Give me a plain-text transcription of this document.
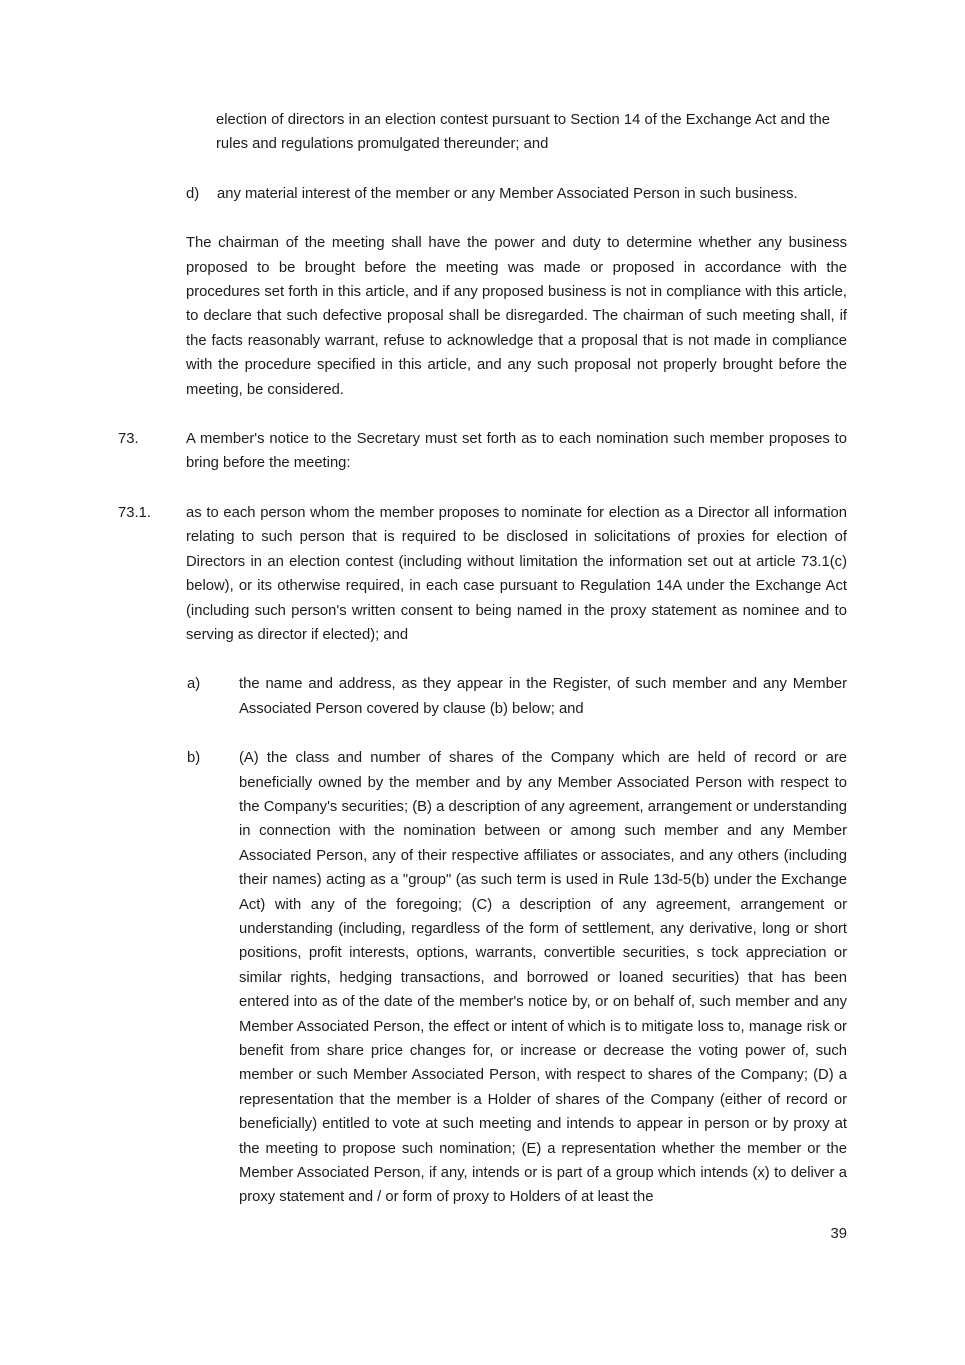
election of directors in an election contest pursuant to Section 14 of the Exchange Act and the rules and regulations promulgated thereunder; and
d)	any material interest of the member or any Member Associated Person in such business.
The chairman of the meeting shall have the power and duty to determine whether any business proposed to be brought before the meeting was made or proposed in accordance with the procedures set forth in this article, and if any proposed business is not in compliance with this article, to declare that such defective proposal shall be disregarded. The chairman of such meeting shall, if the facts reasonably warrant, refuse to acknowledge that a proposal that is not made in compliance with the procedure specified in this article, and any such proposal not properly brought before the meeting, be considered.
73.	A member's notice to the Secretary must set forth as to each nomination such member proposes to bring before the meeting:
73.1.	as to each person whom the member proposes to nominate for election as a Director all information relating to such person that is required to be disclosed in solicitations of proxies for election of Directors in an election contest (including without limitation the information set out at article 73.1(c) below), or its otherwise required, in each case pursuant to Regulation 14A under the Exchange Act (including such person's written consent to being named in the proxy statement as nominee and to serving as director if elected); and
a)	the name and address, as they appear in the Register, of such member and any Member Associated Person covered by clause (b) below; and
b)	(A) the class and number of shares of the Company which are held of record or are beneficially owned by the member and by any Member Associated Person with respect to the Company's securities; (B) a description of any agreement, arrangement or understanding in connection with the nomination between or among such member and any Member Associated Person, any of their respective affiliates or associates, and any others (including their names) acting as a "group" (as such term is used in Rule 13d-5(b) under the Exchange Act) with any of the foregoing; (C) a description of any agreement, arrangement or understanding (including, regardless of the form of settlement, any derivative, long or short positions, profit interests, options, warrants, convertible securities, s tock appreciation or similar rights, hedging transactions, and borrowed or loaned securities) that has been entered into as of the date of the member's notice by, or on behalf of, such member and any Member Associated Person, the effect or intent of which is to mitigate loss to, manage risk or benefit from share price changes for, or increase or decrease the voting power of, such member or such Member Associated Person, with respect to shares of the Company; (D) a representation that the member is a Holder of shares of the Company (either of record or beneficially) entitled to vote at such meeting and intends to appear in person or by proxy at the meeting to propose such nomination; (E) a representation whether the member or the Member Associated Person, if any, intends or is part of a group which intends (x) to deliver a proxy statement and / or form of proxy to Holders of at least the
39
